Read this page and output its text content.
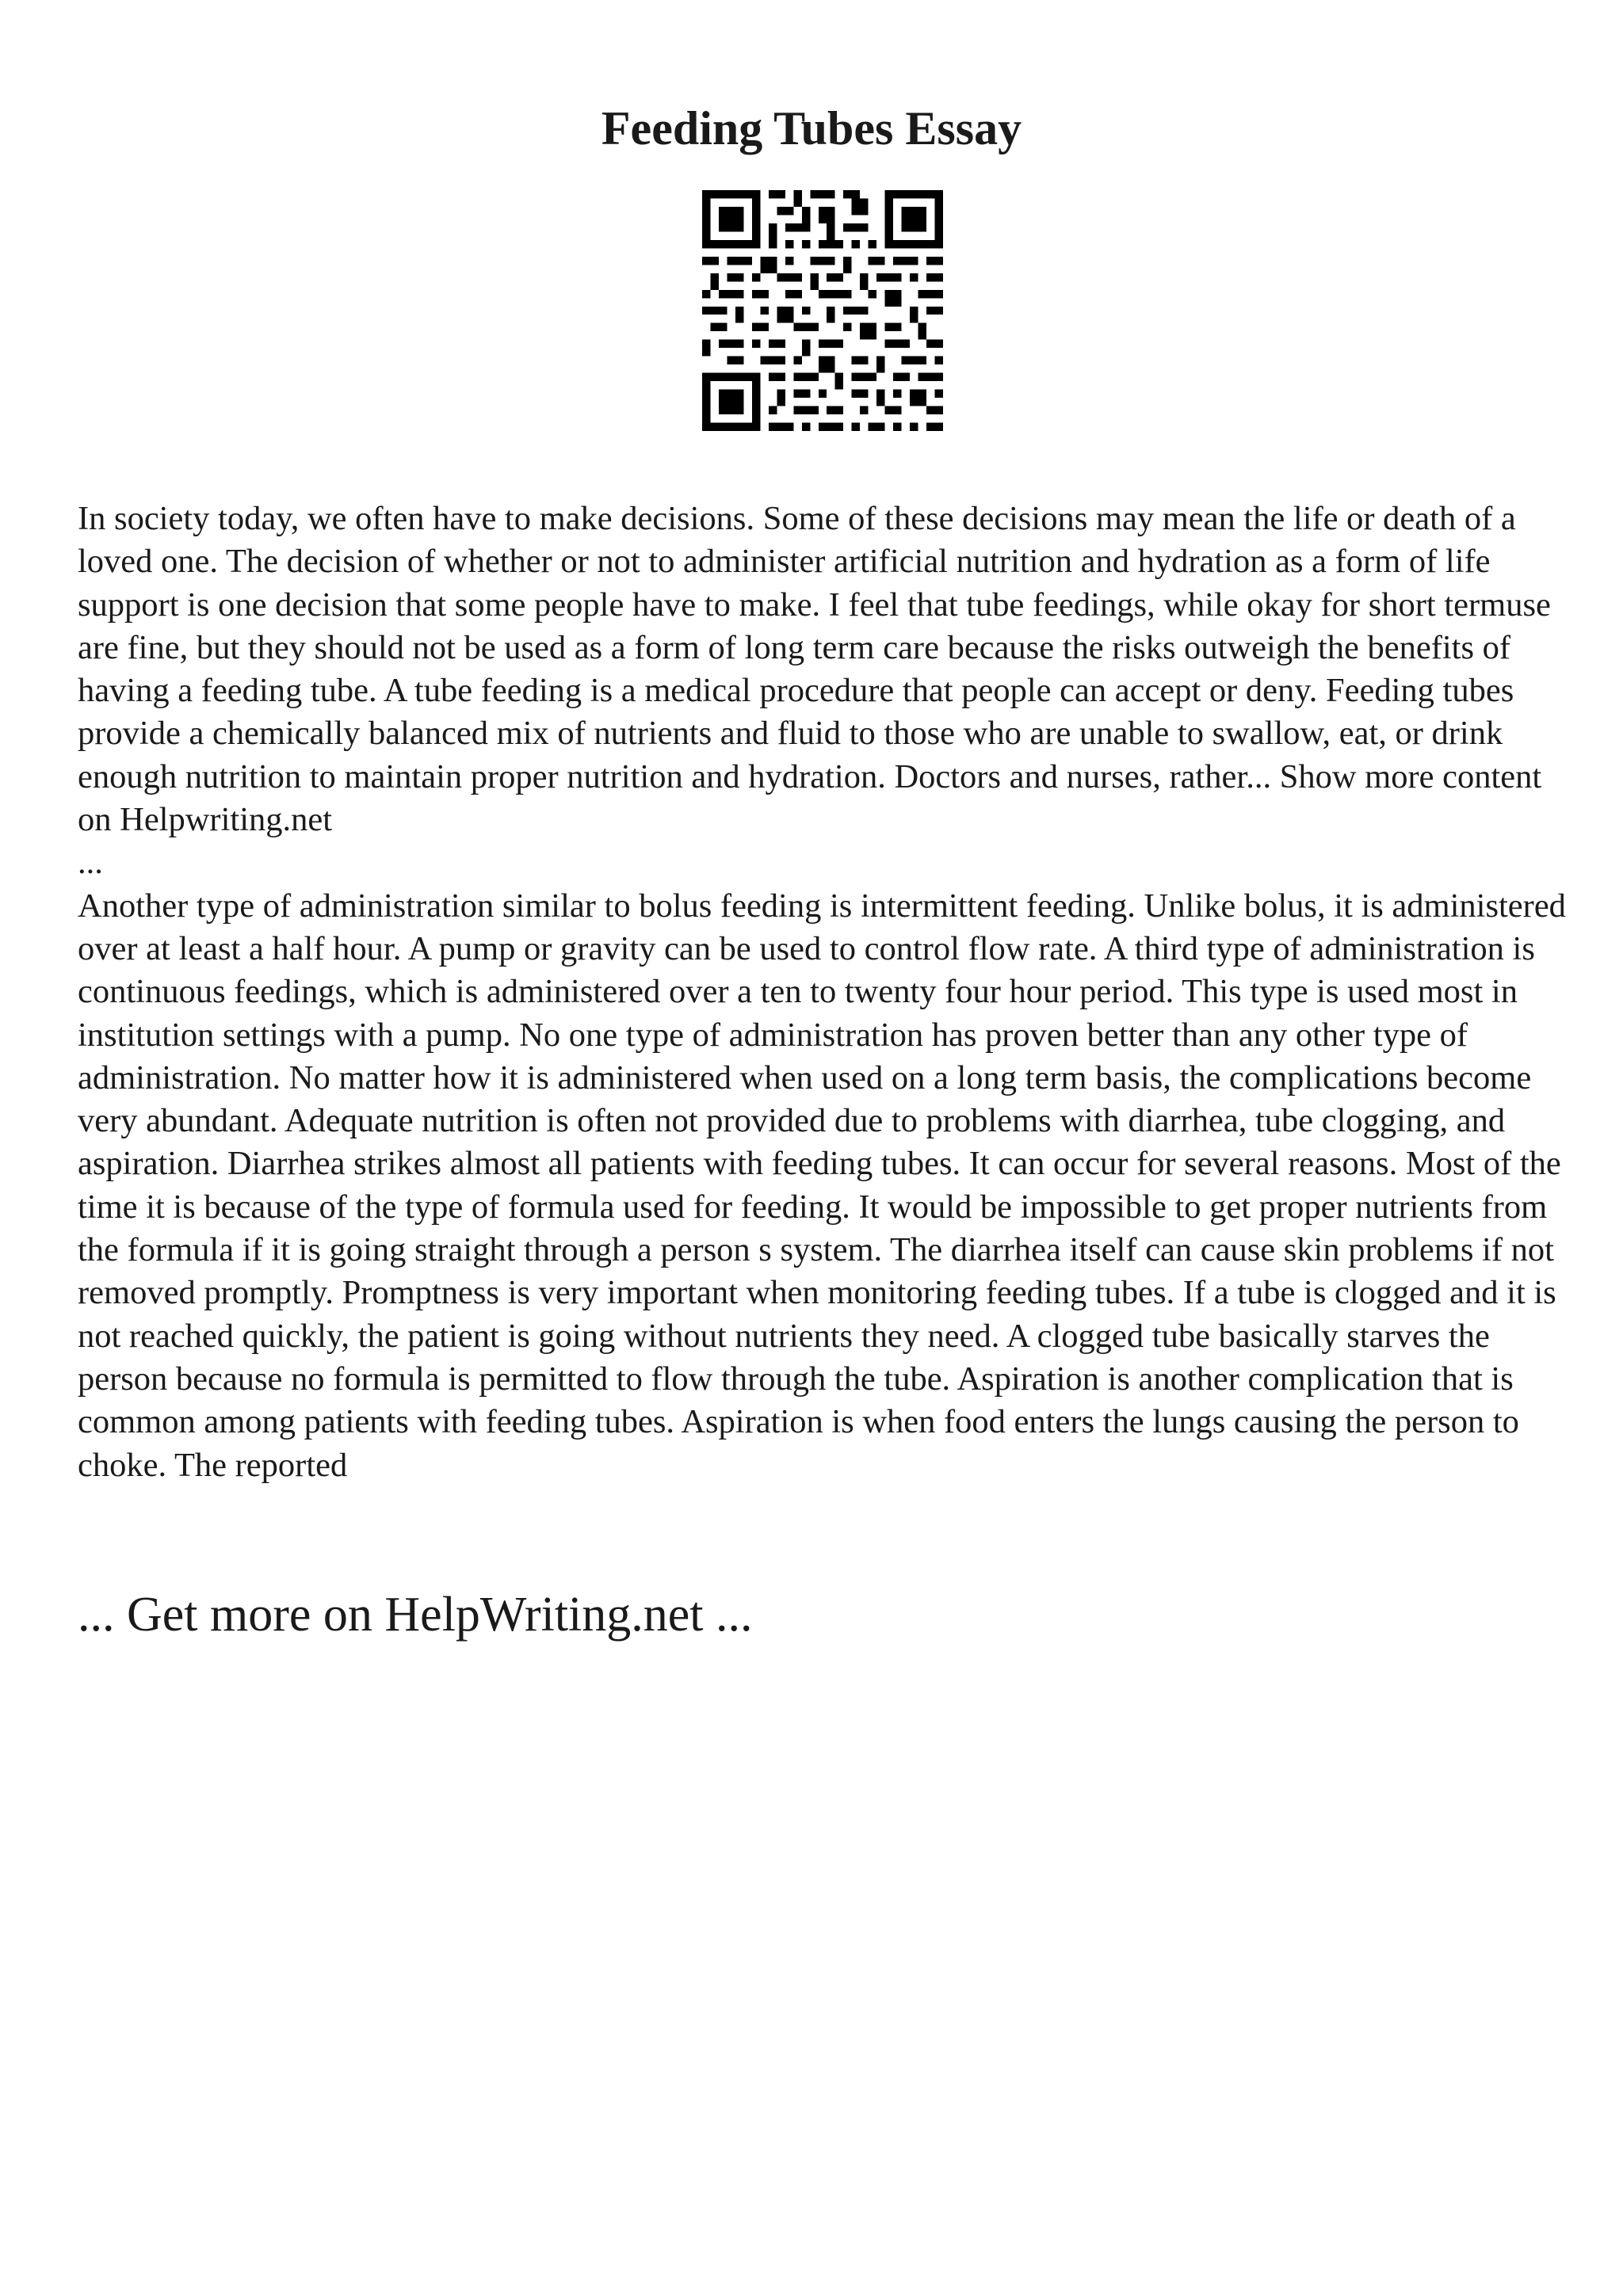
Feeding Tubes Essay

In society today, we often have to make decisions. Some of these decisions may mean the life or death of a loved one. The decision of whether or not to administer artificial nutrition and hydration as a form of life support is one decision that some people have to make. I feel that tube feedings, while okay for short termuse are fine, but they should not be used as a form of long term care because the risks outweigh the benefits of having a feeding tube. A tube feeding is a medical procedure that people can accept or deny. Feeding tubes provide a chemically balanced mix of nutrients and fluid to those who are unable to swallow, eat, or drink enough nutrition to maintain proper nutrition and hydration. Doctors and nurses, rather... Show more content on Helpwriting.net

...

Another type of administration similar to bolus feeding is intermittent feeding. Unlike bolus, it is administered over at least a half hour. A pump or gravity can be used to control flow rate. A third type of administration is continuous feedings, which is administered over a ten to twenty four hour period. This type is used most in institution settings with a pump. No one type of administration has proven better than any other type of administration. No matter how it is administered when used on a long term basis, the complications become very abundant. Adequate nutrition is often not provided due to problems with diarrhea, tube clogging, and aspiration. Diarrhea strikes almost all patients with feeding tubes. It can occur for several reasons. Most of the time it is because of the type of formula used for feeding. It would be impossible to get proper nutrients from the formula if it is going straight through a person s system. The diarrhea itself can cause skin problems if not removed promptly. Promptness is very important when monitoring feeding tubes. If a tube is clogged and it is not reached quickly, the patient is going without nutrients they need. A clogged tube basically starves the person because no formula is permitted to flow through the tube. Aspiration is another complication that is common among patients with feeding tubes. Aspiration is when food enters the lungs causing the person to choke. The reported

... Get more on HelpWriting.net ...
